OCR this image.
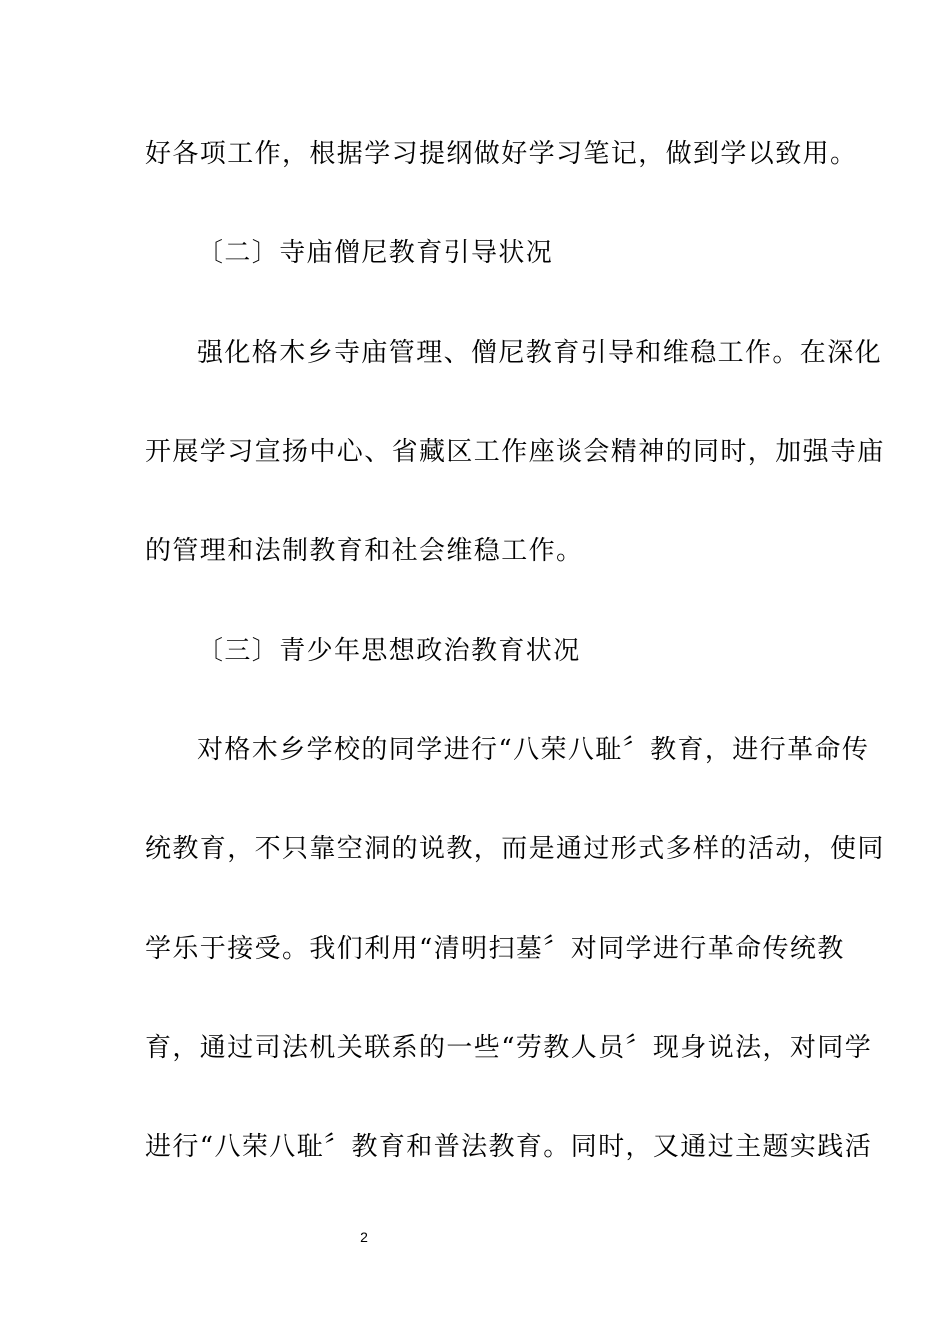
好各项工作，根据学习提纲做好学习笔记，做到学以致用。
〔二〕寺庙僧尼教育引导状况
强化格木乡寺庙管理、僧尼教育引导和维稳工作。在深化
开展学习宣扬中心、省藏区工作座谈会精神的同时，加强寺庙
的管理和法制教育和社会维稳工作。
〔三〕青少年思想政治教育状况
对格木乡学校的同学进行“八荣八耻〞教育，进行革命传
统教育，不只靠空洞的说教，而是通过形式多样的活动，使同
学乐于接受。我们利用“清明扫墓〞对同学进行革命传统教
育，通过司法机关联系的一些“劳教人员〞现身说法，对同学
进行“八荣八耻〞教育和普法教育。同时，又通过主题实践活
2
